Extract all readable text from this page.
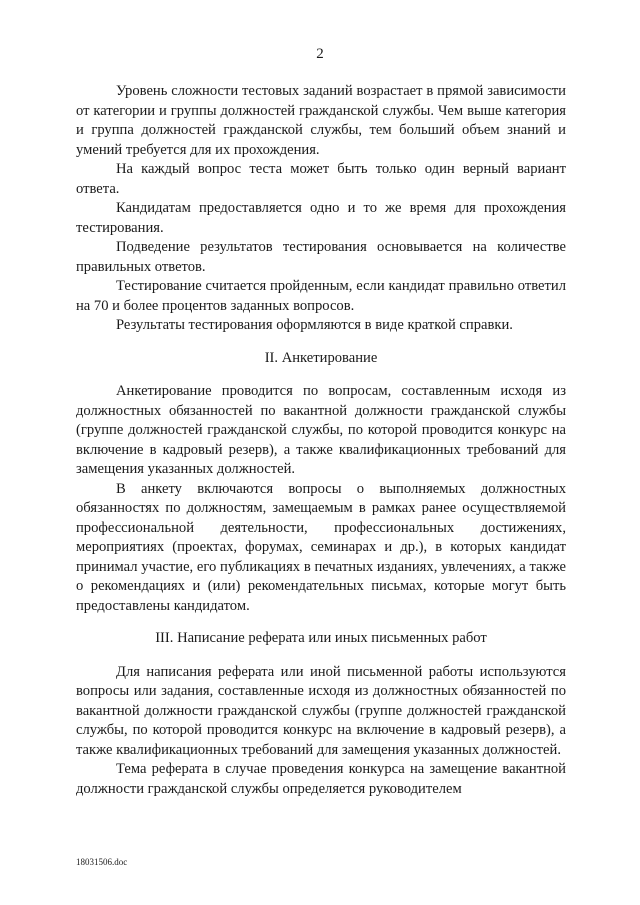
2

Уровень сложности тестовых заданий возрастает в прямой зависимости от категории и группы должностей гражданской службы. Чем выше категория и группа должностей гражданской службы, тем больший объем знаний и умений требуется для их прохождения.

На каждый вопрос теста может быть только один верный вариант ответа.

Кандидатам предоставляется одно и то же время для прохождения тестирования.

Подведение результатов тестирования основывается на количестве правильных ответов.

Тестирование считается пройденным, если кандидат правильно ответил на 70 и более процентов заданных вопросов.

Результаты тестирования оформляются в виде краткой справки.

II. Анкетирование

Анкетирование проводится по вопросам, составленным исходя из должностных обязанностей по вакантной должности гражданской службы (группе должностей гражданской службы, по которой проводится конкурс на включение в кадровый резерв), а также квалификационных требований для замещения указанных должностей.

В анкету включаются вопросы о выполняемых должностных обязанностях по должностям, замещаемым в рамках ранее осуществляемой профессиональной деятельности, профессиональных достижениях, мероприятиях (проектах, форумах, семинарах и др.), в которых кандидат принимал участие, его публикациях в печатных изданиях, увлечениях, а также о рекомендациях и (или) рекомендательных письмах, которые могут быть предоставлены кандидатом.

III. Написание реферата или иных письменных работ

Для написания реферата или иной письменной работы используются вопросы или задания, составленные исходя из должностных обязанностей по вакантной должности гражданской службы (группе должностей гражданской службы, по которой проводится конкурс на включение в кадровый резерв), а также квалификационных требований для замещения указанных должностей.

Тема реферата в случае проведения конкурса на замещение вакантной должности гражданской службы определяется руководителем

18031506.doc
